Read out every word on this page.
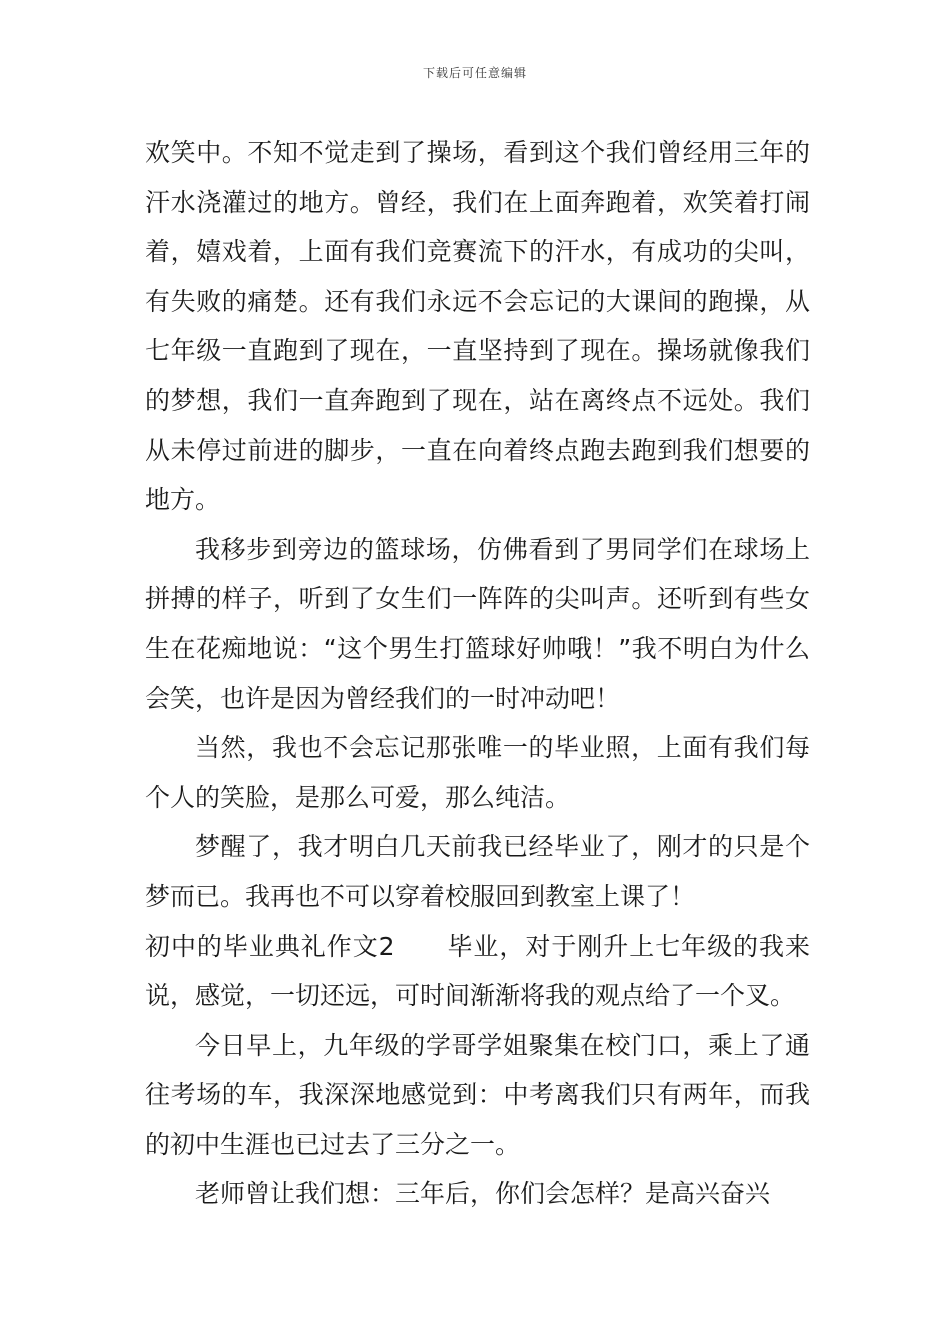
下载后可任意编辑

欢笑中。不知不觉走到了操场，看到这个我们曾经用三年的汗水浇灌过的地方。曾经，我们在上面奔跑着，欢笑着打闹着，嬉戏着，上面有我们竞赛流下的汗水，有成功的尖叫，有失败的痛楚。还有我们永远不会忘记的大课间的跑操，从七年级一直跑到了现在，一直坚持到了现在。操场就像我们的梦想，我们一直奔跑到了现在，站在离终点不远处。我们从未停过前进的脚步，一直在向着终点跑去跑到我们想要的地方。

我移步到旁边的篮球场，仿佛看到了男同学们在球场上拼搏的样子，听到了女生们一阵阵的尖叫声。还听到有些女生在花痴地说：“这个男生打篮球好帅哦！”我不明白为什么会笑，也许是因为曾经我们的一时冲动吧！

当然，我也不会忘记那张唯一的毕业照，上面有我们每个人的笑脸，是那么可爱，那么纯洁。

梦醒了，我才明白几天前我已经毕业了，刚才的只是个梦而已。我再也不可以穿着校服回到教室上课了！

初中的毕业典礼作文2　　毕业，对于刚升上七年级的我来说，感觉，一切还远，可时间渐渐将我的观点给了一个叉。

今日早上，九年级的学哥学姐聚集在校门口，乘上了通往考场的车，我深深地感觉到：中考离我们只有两年，而我的初中生涯也已过去了三分之一。

老师曾让我们想：三年后，你们会怎样？是高兴奋兴
